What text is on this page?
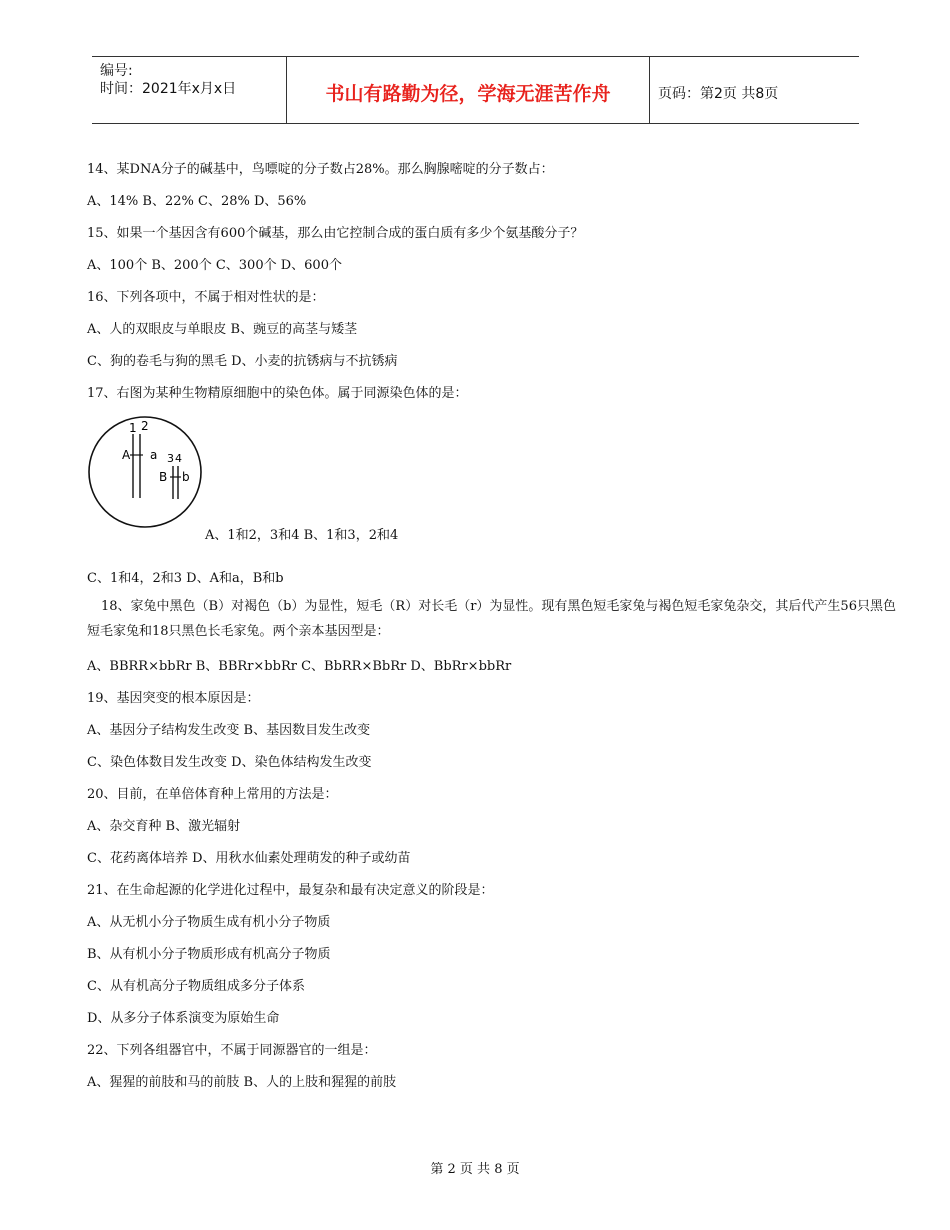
编号:
时间：2021年x月x日	书山有路勤为径，学海无涯苦作舟	页码：第2页 共8页
14、某DNA分子的碱基中，鸟嘌啶的分子数占28%。那么胸腺嘧啶的分子数占：
A、14% B、22% C、28% D、56%
15、如果一个基因含有600个碱基，那么由它控制合成的蛋白质有多少个氨基酸分子？
A、100个 B、200个 C、300个 D、600个
16、下列各项中，不属于相对性状的是：
A、人的双眼皮与单眼皮 B、豌豆的高茎与矮茎
C、狗的卷毛与狗的黑毛 D、小麦的抗锈病与不抗锈病
17、右图为某种生物精原细胞中的染色体。属于同源染色体的是：
1 2
3 4
A a
B b
A、1和2，3和4 B、1和3，2和4
C、1和4，2和3 D、A和a，B和b
18、家兔中黑色（B）对褐色（b）为显性，短毛（R）对长毛（r）为显性。现有黑色短毛家兔与褐色短毛家兔杂交，其后代产生56只黑色短毛家兔和18只黑色长毛家兔。两个亲本基因型是：
A、BBRR×bbRr B、BBRr×bbRr C、BbRR×BbRr D、BbRr×bbRr
19、基因突变的根本原因是：
A、基因分子结构发生改变 B、基因数目发生改变
C、染色体数目发生改变 D、染色体结构发生改变
20、目前，在单倍体育种上常用的方法是：
A、杂交育种 B、激光辐射
C、花药离体培养 D、用秋水仙素处理萌发的种子或幼苗
21、在生命起源的化学进化过程中，最复杂和最有决定意义的阶段是：
A、从无机小分子物质生成有机小分子物质
B、从有机小分子物质形成有机高分子物质
C、从有机高分子物质组成多分子体系
D、从多分子体系演变为原始生命
22、下列各组器官中，不属于同源器官的一组是：
A、猩猩的前肢和马的前肢 B、人的上肢和猩猩的前肢
第 2 页 共 8 页
